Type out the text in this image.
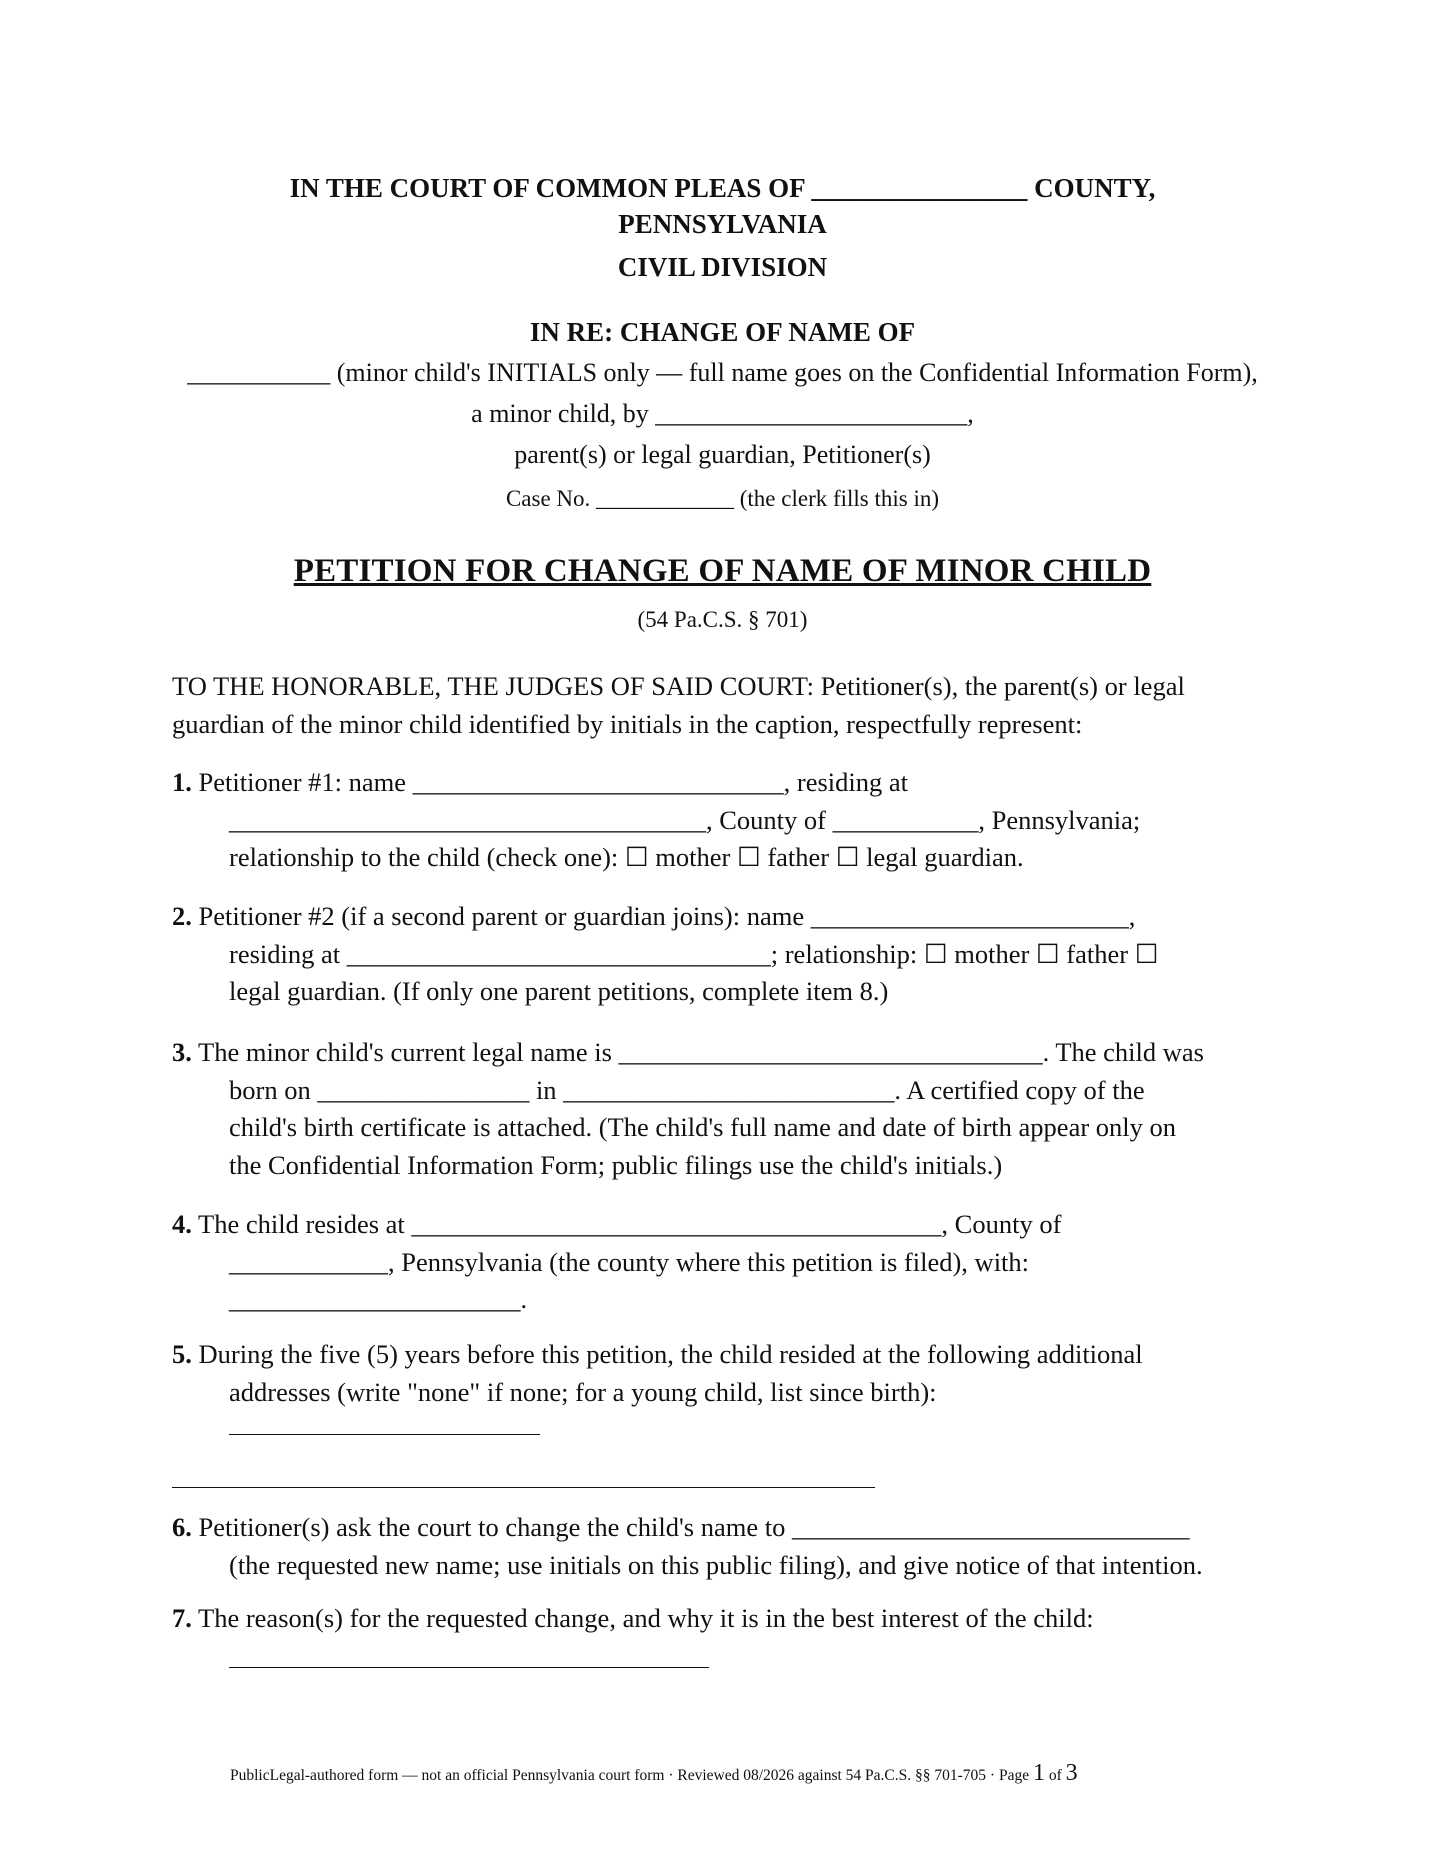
IN THE COURT OF COMMON PLEAS OF ________________ COUNTY,
PENNSYLVANIA
CIVIL DIVISION
IN RE: CHANGE OF NAME OF
___________ (minor child's INITIALS only — full name goes on the Confidential Information Form),
a minor child, by ________________________,
parent(s) or legal guardian, Petitioner(s)
Case No. ____________ (the clerk fills this in)
PETITION FOR CHANGE OF NAME OF MINOR CHILD
(54 Pa.C.S. § 701)
TO THE HONORABLE, THE JUDGES OF SAID COURT: Petitioner(s), the parent(s) or legal
guardian of the minor child identified by initials in the caption, respectfully represent:
1. Petitioner #1: name ____________________________, residing at
____________________________________, County of ___________, Pennsylvania;
relationship to the child (check one): ☐ mother ☐ father ☐ legal guardian.
2. Petitioner #2 (if a second parent or guardian joins): name ________________________,
residing at ________________________________; relationship: ☐ mother ☐ father ☐
legal guardian. (If only one parent petitions, complete item 8.)
3. The minor child's current legal name is ________________________________. The child was
born on ________________ in _________________________. A certified copy of the
child's birth certificate is attached. (The child's full name and date of birth appear only on
the Confidential Information Form; public filings use the child's initials.)
4. The child resides at ________________________________________, County of
____________, Pennsylvania (the county where this petition is filed), with:
______________________.
5. During the five (5) years before this petition, the child resided at the following additional
addresses (write "none" if none; for a young child, list since birth):
6. Petitioner(s) ask the court to change the child's name to ______________________________
(the requested new name; use initials on this public filing), and give notice of that intention.
7. The reason(s) for the requested change, and why it is in the best interest of the child:
PublicLegal-authored form — not an official Pennsylvania court form · Reviewed 08/2026 against 54 Pa.C.S. §§ 701-705 · Page 1 of 3
